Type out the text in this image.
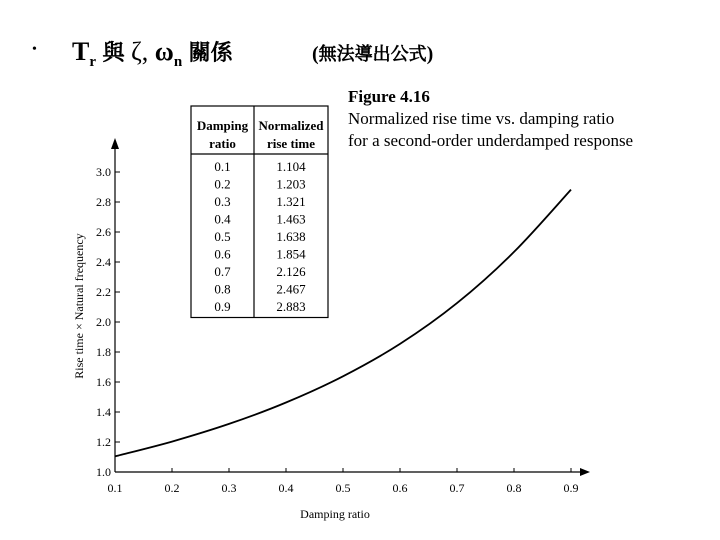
• $T_r$ 與 ζ, $\omega_n$ 關係	(無法導出公式)
Figure 4.16
Normalized rise time vs. damping ratio
for a second-order underdamped response
0.1	0.2	0.3	0.4	0.5	0.6	0.7	0.8	0.9
1.0
1.2
1.4
1.6
1.8
2.0
2.2
2.4
2.6
2.8
3.0
Damping ratio
Rise time × Natural frequency
Damping
ratio
Normalized
rise time
0.1	1.104
0.2	1.203
0.3	1.321
0.4	1.463
0.5	1.638
0.6	1.854
0.7	2.126
0.8	2.467
0.9	2.883
